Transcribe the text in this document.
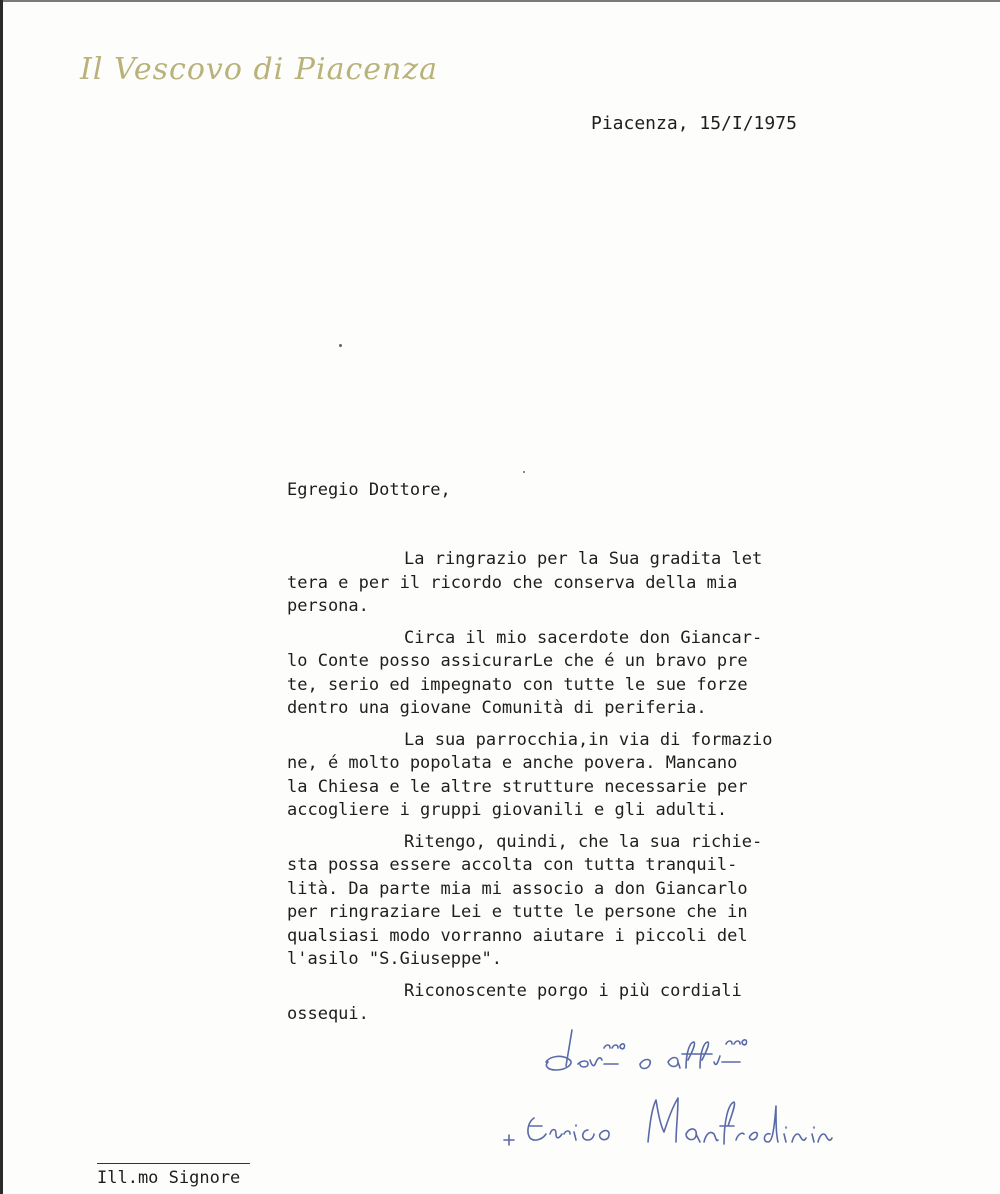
Il Vescovo di Piacenza
Piacenza, 15/I/1975
Egregio Dottore,
La ringrazio per la Sua gradita let
tera e per il ricordo che conserva della mia
persona.
Circa il mio sacerdote don Giancar-
lo Conte posso assicurarLe che é un bravo pre
te, serio ed impegnato con tutte le sue forze
dentro una giovane Comunità di periferia.
La sua parrocchia,in via di formazio
ne, é molto popolata e anche povera. Mancano
la Chiesa e le altre strutture necessarie per
accogliere i gruppi giovanili e gli adulti.
Ritengo, quindi, che la sua richie-
sta possa essere accolta con tutta tranquil-
lità. Da parte mia mi associo a don Giancarlo
per ringraziare Lei e tutte le persone che in
qualsiasi modo vorranno aiutare i piccoli del
l'asilo "S.Giuseppe".
Riconoscente porgo i più cordiali
ossequi.
Ill.mo Signore
